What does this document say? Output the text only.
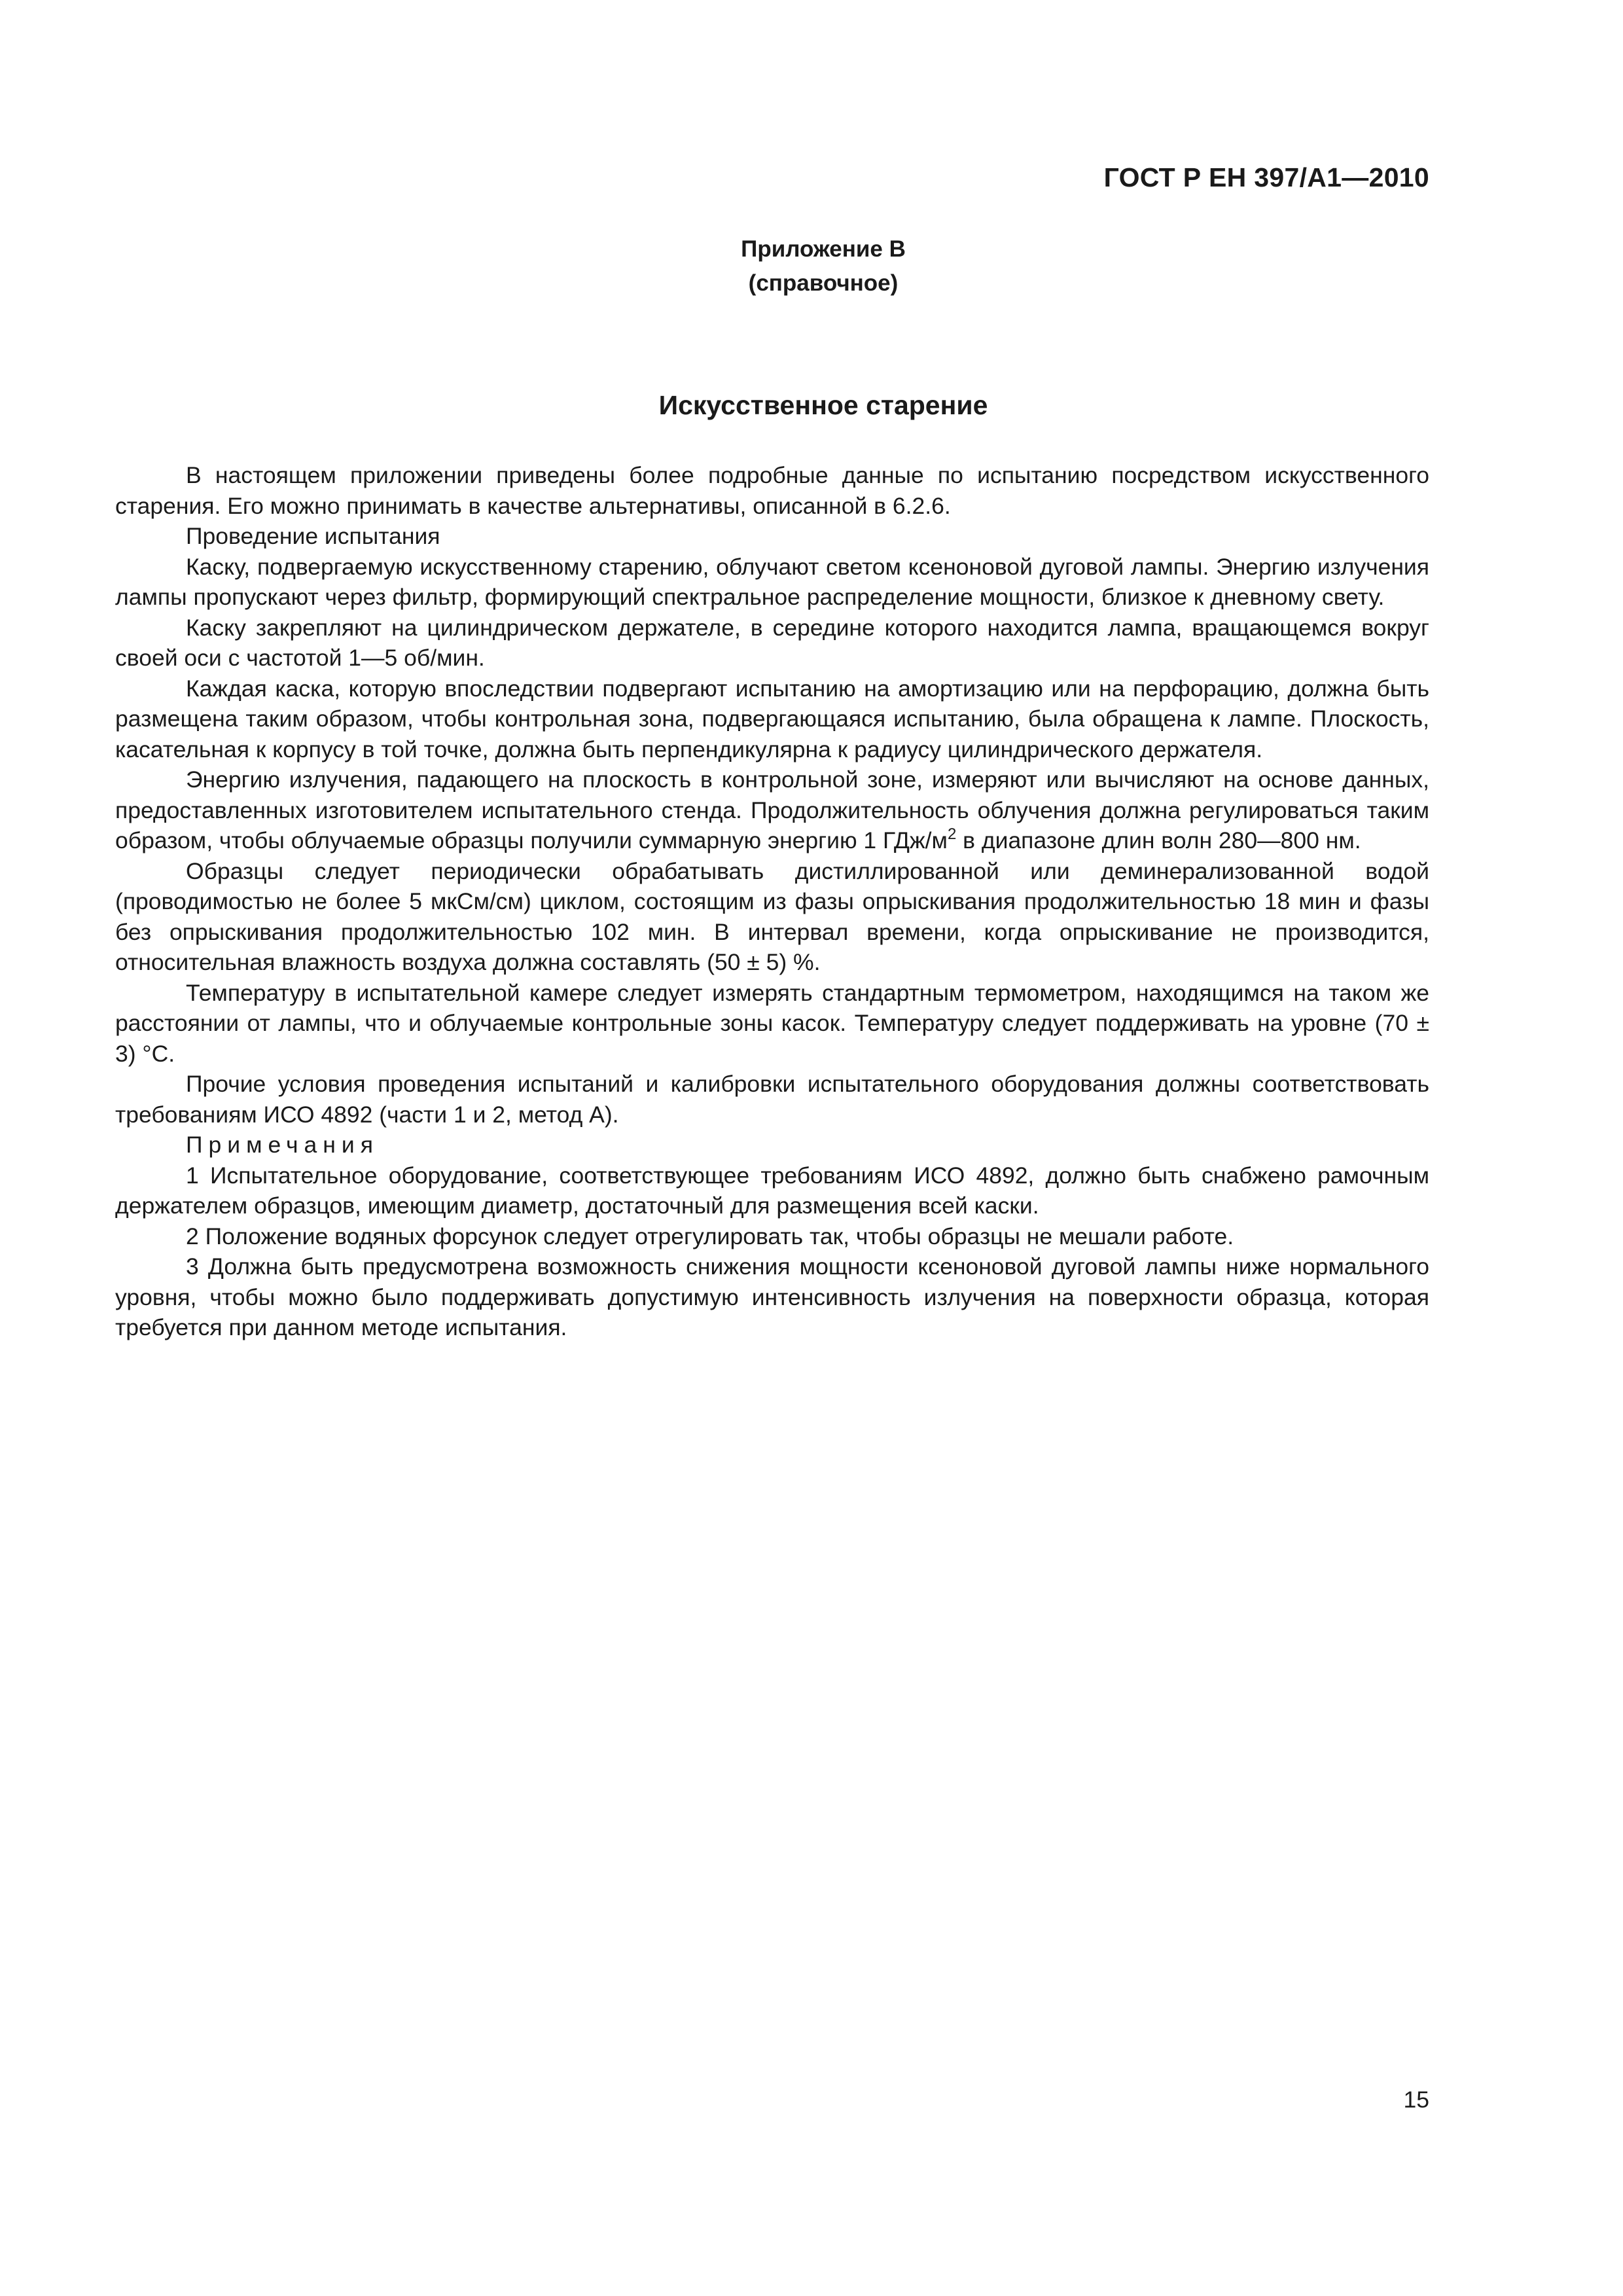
ГОСТ Р ЕН 397/А1—2010
Приложение В
(справочное)
Искусственное старение

В настоящем приложении приведены более подробные данные по испытанию посредством искусственного старения. Его можно принимать в качестве альтернативы, описанной в 6.2.6.

Проведение испытания

Каску, подвергаемую искусственному старению, облучают светом ксеноновой дуговой лампы. Энергию излучения лампы пропускают через фильтр, формирующий спектральное распределение мощности, близкое к дневному свету.

Каску закрепляют на цилиндрическом держателе, в середине которого находится лампа, вращающемся вокруг своей оси с частотой 1—5 об/мин.

Каждая каска, которую впоследствии подвергают испытанию на амортизацию или на перфорацию, должна быть размещена таким образом, чтобы контрольная зона, подвергающаяся испытанию, была обращена к лампе. Плоскость, касательная к корпусу в той точке, должна быть перпендикулярна к радиусу цилиндрического держателя.

Энергию излучения, падающего на плоскость в контрольной зоне, измеряют или вычисляют на основе данных, предоставленных изготовителем испытательного стенда. Продолжительность облучения должна регулироваться таким образом, чтобы облучаемые образцы получили суммарную энергию 1 ГДж/$м^2$ в диапазоне длин волн 280—800 нм.

Образцы следует периодически обрабатывать дистиллированной или деминерализованной водой (проводимостью не более 5 мкСм/см) циклом, состоящим из фазы опрыскивания продолжительностью 18 мин и фазы без опрыскивания продолжительностью 102 мин. В интервал времени, когда опрыскивание не производится, относительная влажность воздуха должна составлять (50 ± 5) %.

Температуру в испытательной камере следует измерять стандартным термометром, находящимся на таком же расстоянии от лампы, что и облучаемые контрольные зоны касок. Температуру следует поддерживать на уровне (70 ± 3) °С.

Прочие условия проведения испытаний и калибровки испытательного оборудования должны соответствовать требованиям ИСО 4892 (части 1 и 2, метод А).

Примечания

1 Испытательное оборудование, соответствующее требованиям ИСО 4892, должно быть снабжено рамочным держателем образцов, имеющим диаметр, достаточный для размещения всей каски.

2 Положение водяных форсунок следует отрегулировать так, чтобы образцы не мешали работе.

3 Должна быть предусмотрена возможность снижения мощности ксеноновой дуговой лампы ниже нормального уровня, чтобы можно было поддерживать допустимую интенсивность излучения на поверхности образца, которая требуется при данном методе испытания.

15
